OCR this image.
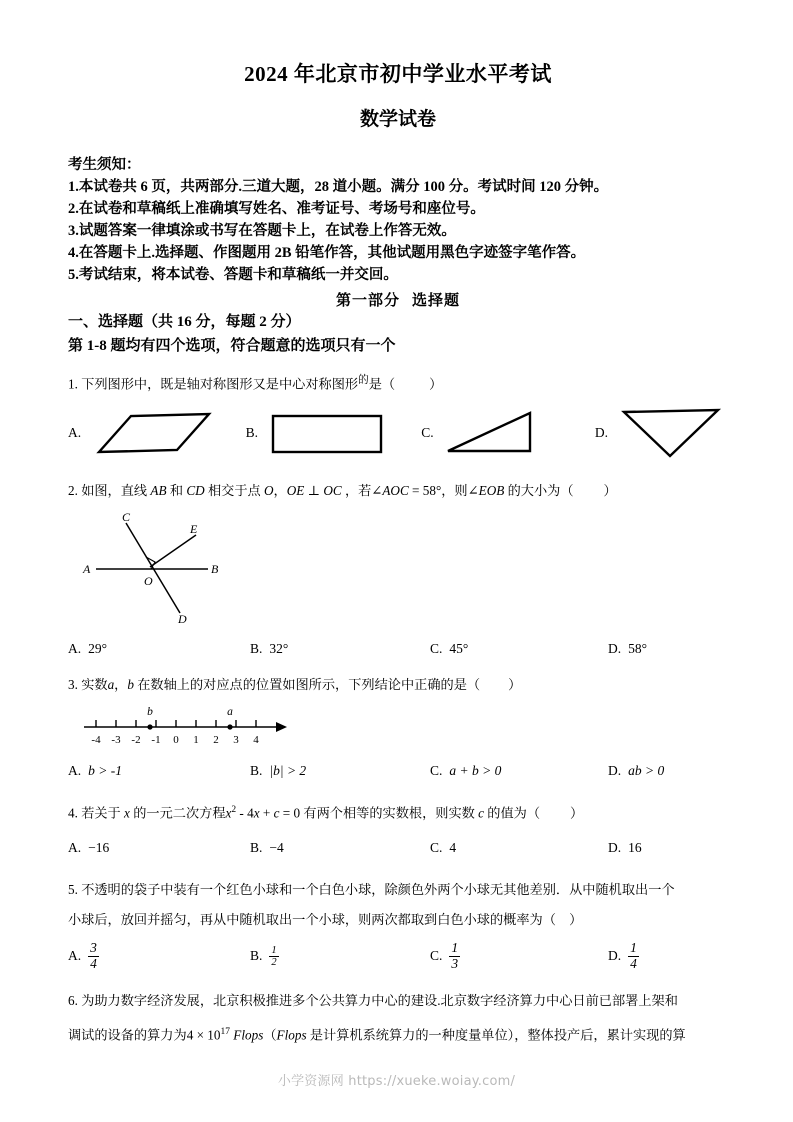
2024 年北京市初中学业水平考试
数学试卷
考生须知：
1.本试卷共 6 页，共两部分.三道大题，28 道小题。满分 100 分。考试时间 120 分钟。
2.在试卷和草稿纸上准确填写姓名、准考证号、考场号和座位号。
3.试题答案一律填涂或书写在答题卡上，在试卷上作答无效。
4.在答题卡上.选择题、作图题用 2B 铅笔作答，其他试题用黑色字迹签字笔作答。
5.考试结束，将本试卷、答题卡和草稿纸一并交回。
第一部分 选择题
一、选择题（共 16 分，每题 2 分）
第 1-8 题均有四个选项，符合题意的选项只有一个
1. 下列图形中，既是轴对称图形又是中心对称图形$^的$是（	）
A.	B.	C.	D.
2. 如图，直线 AB 和 CD 相交于点 O，OE ⊥ OC ，若∠AOC = 58°，则∠EOB 的大小为（ ）
C
E
A
O
B
D
A. 29°	B. 32°	C. 45°	D. 58°
3. 实数a，b 在数轴上的对应点的位置如图所示，下列结论中正确的是（ ）
-4 -3 -2 -1 0 1 2 3 4
b	a
A. b > -1	B. |b| > 2	C. a + b > 0	D. ab > 0
4. 若关于 x 的一元二次方程$x^2 - 4x + c = 0$ 有两个相等的实数根，则实数 c 的值为（ ）
A. −16	B. −4	C. 4	D. 16
5. 不透明的袋子中装有一个红色小球和一个白色小球，除颜色外两个小球无其他差别．从中随机取出一个
小球后，放回并摇匀，再从中随机取出一个小球，则两次都取到白色小球的概率为（　）
A. $\frac{3}{4}$	B. $\frac{1}{2}$	C. $\frac{1}{3}$	D. $\frac{1}{4}$
6. 为助力数字经济发展，北京积极推进多个公共算力中心的建设.北京数字经济算力中心日前已部署上架和
调试的设备的算力为$4 \times 10^{17}$ Flops（Flops 是计算机系统算力的一种度量单位），整体投产后，累计实现的算
小学资源网 https://xueke.woiay.com/
